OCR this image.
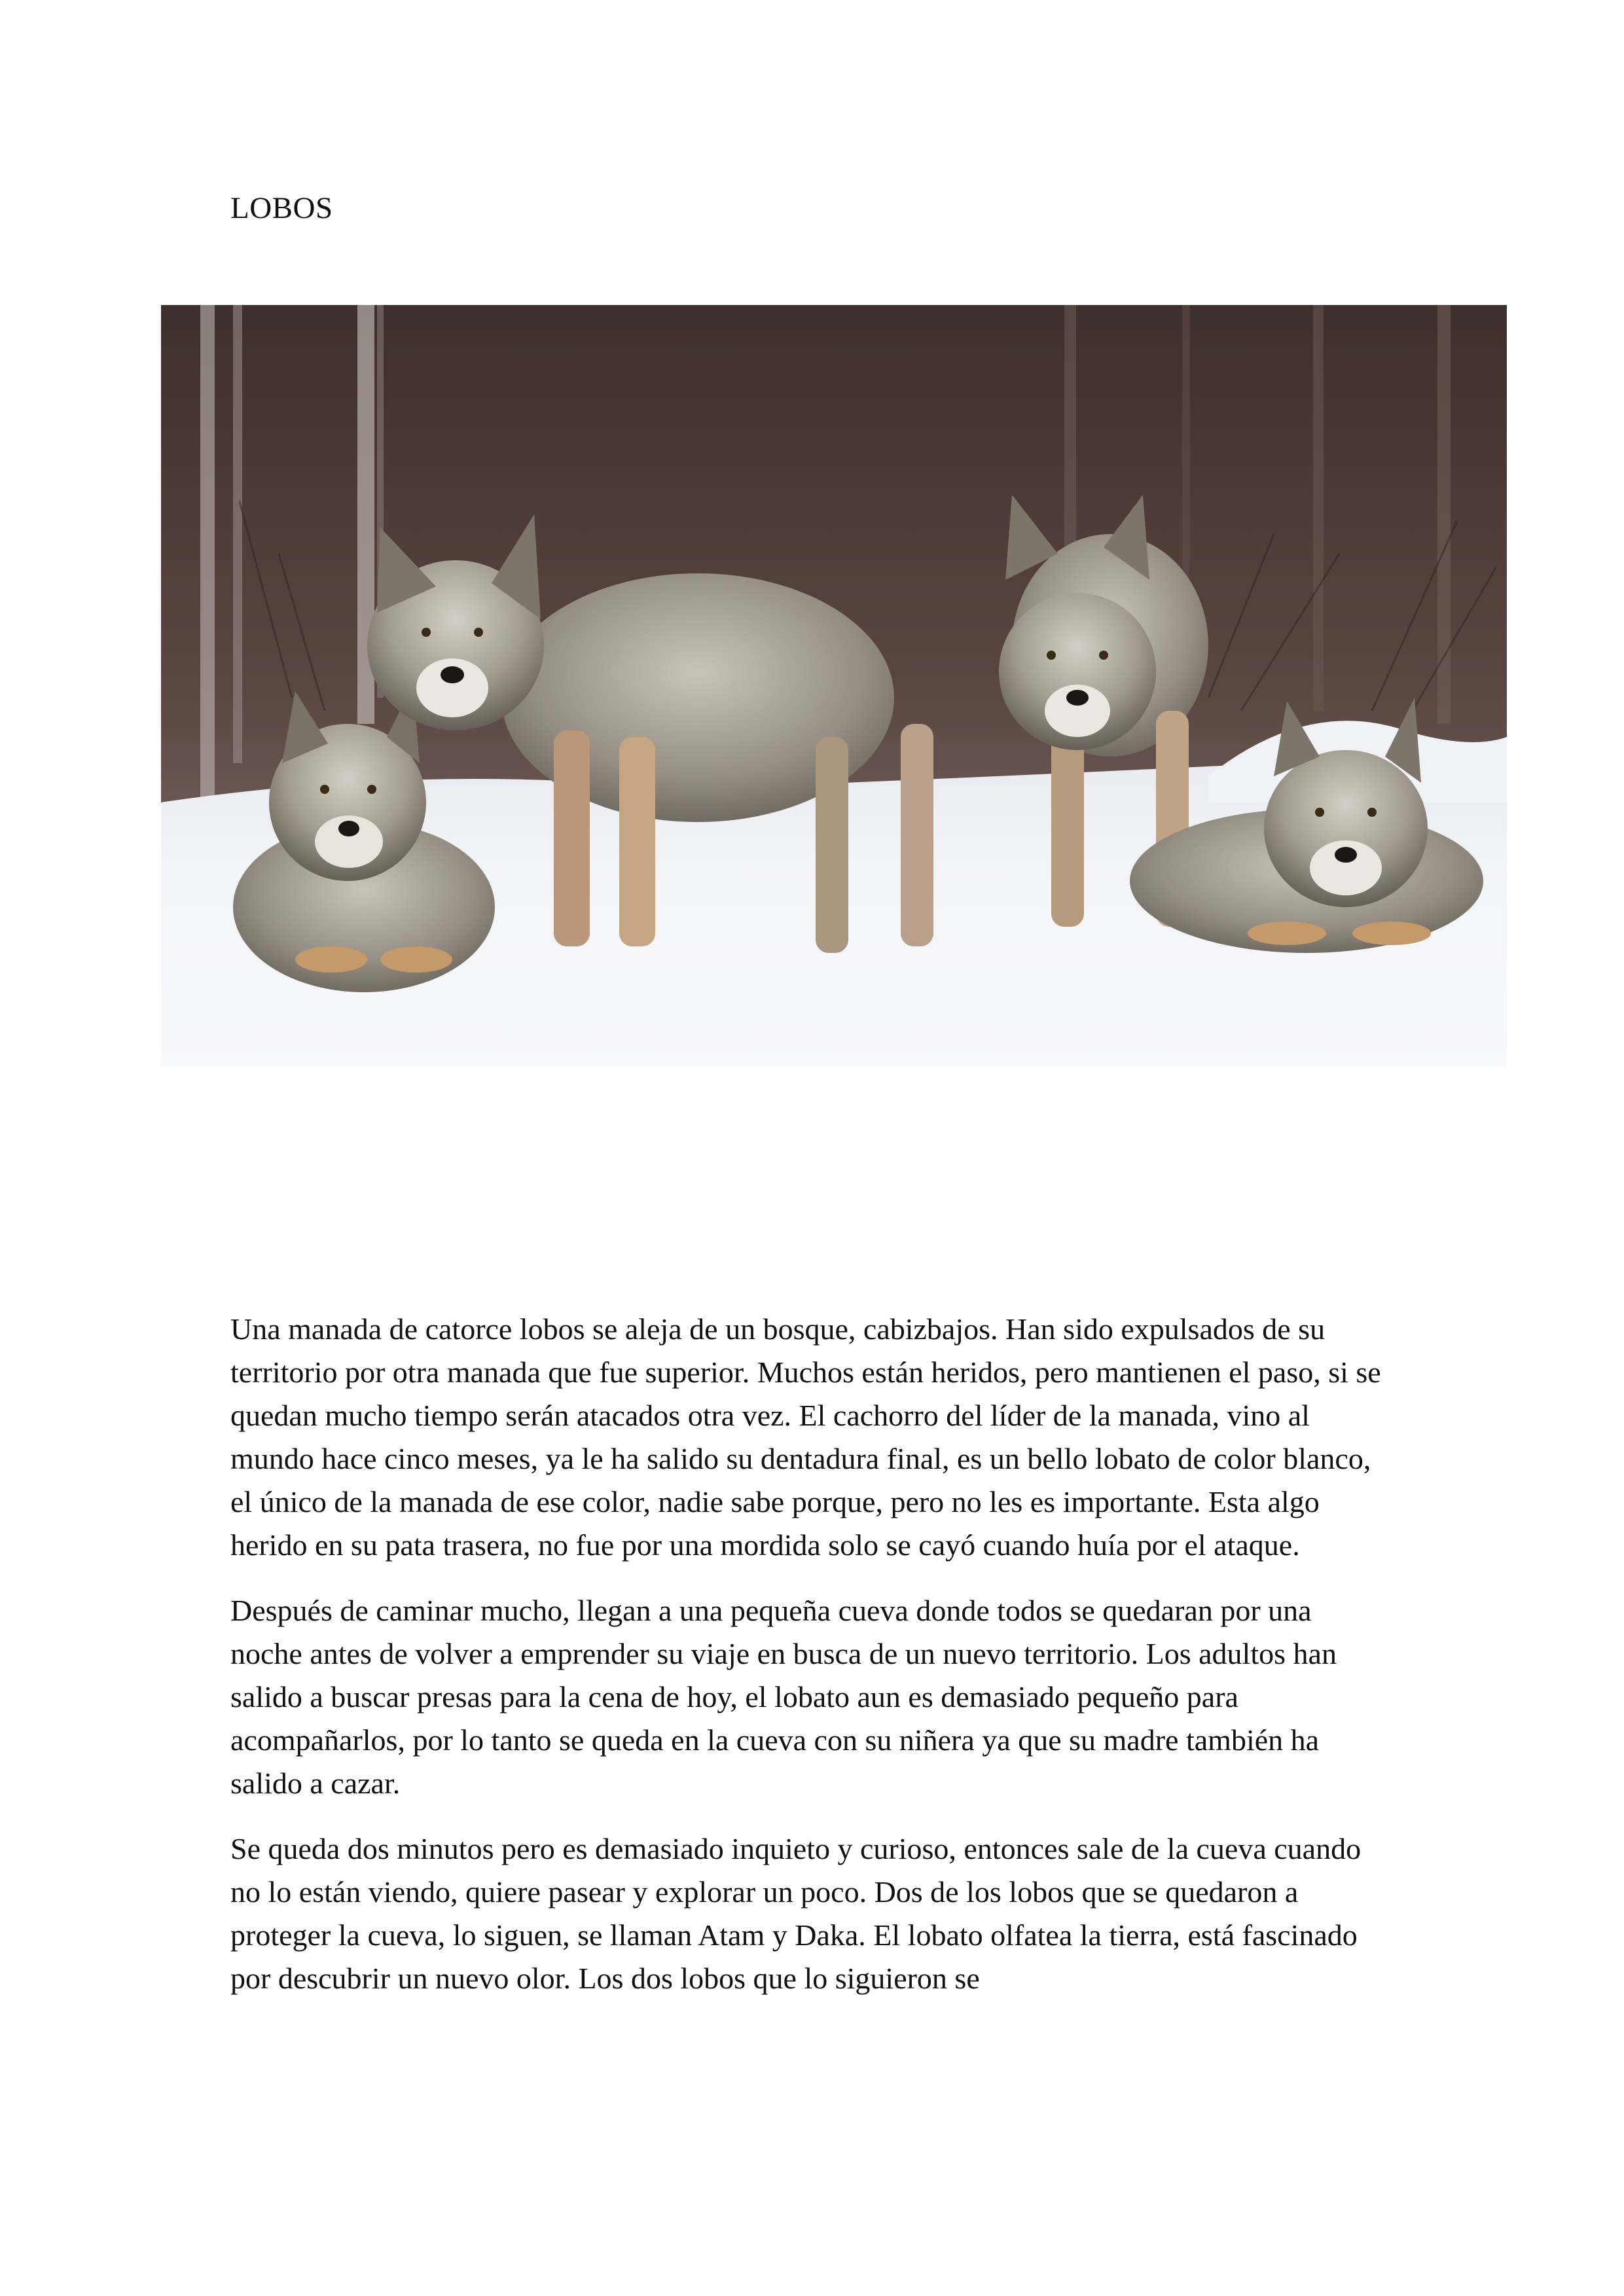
LOBOS

Una manada de catorce lobos se aleja de un bosque, cabizbajos. Han sido expulsados de su territorio por otra manada que fue superior. Muchos están heridos, pero mantienen el paso, si se quedan mucho tiempo serán atacados otra vez. El cachorro del líder de la manada, vino al mundo hace cinco meses, ya le ha salido su dentadura final, es un bello lobato de color blanco, el único de la manada de ese color, nadie sabe porque, pero no les es importante. Esta algo herido en su pata trasera, no fue por una mordida solo se cayó cuando huía por el ataque.

Después de caminar mucho, llegan a una pequeña cueva donde todos se quedaran por una noche antes de volver a emprender su viaje en busca de un nuevo territorio. Los adultos han salido a buscar presas para la cena de hoy, el lobato aun es demasiado pequeño para acompañarlos, por lo tanto se queda en la cueva con su niñera ya que su madre también ha salido a cazar.

Se queda dos minutos pero es demasiado inquieto y curioso, entonces sale de la cueva cuando no lo están viendo, quiere pasear y explorar un poco. Dos de los lobos que se quedaron a proteger la cueva, lo siguen, se llaman Atam y Daka. El lobato olfatea la tierra, está fascinado por descubrir un nuevo olor. Los dos lobos que lo siguieron se
